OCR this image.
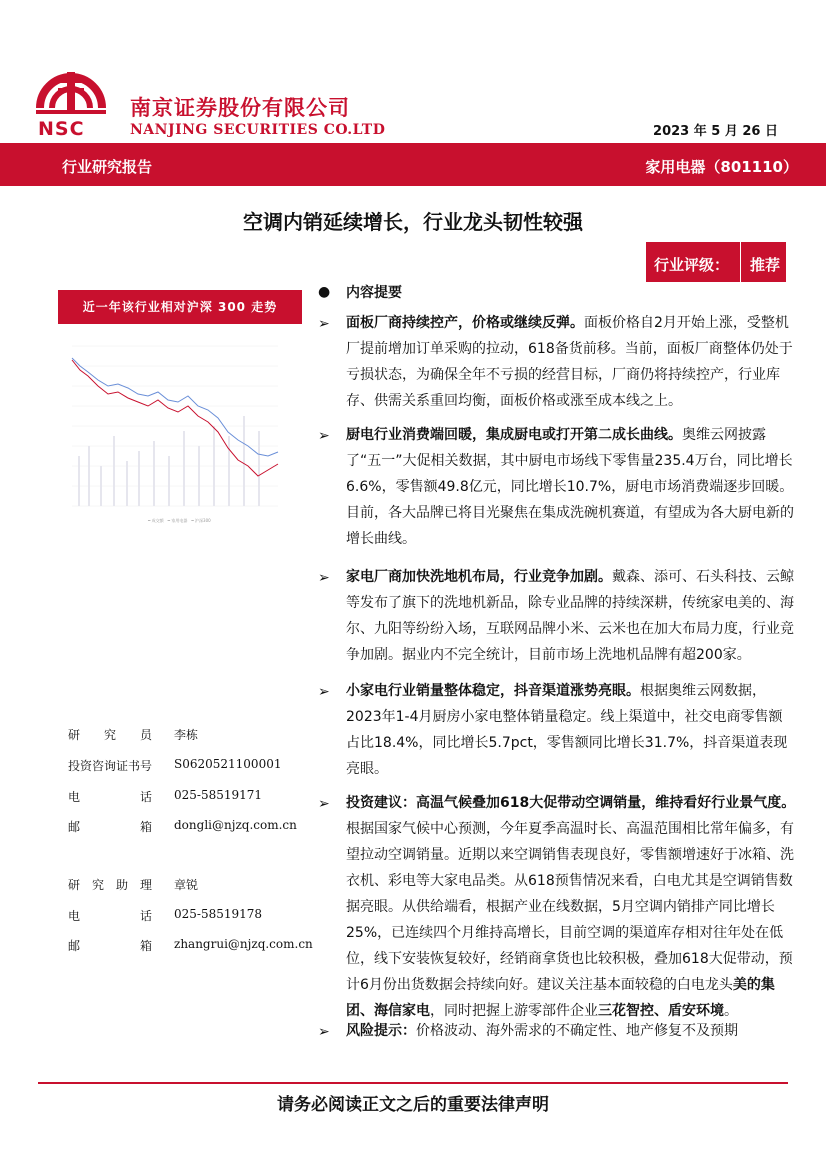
NSC
南京证券股份有限公司
NANJING SECURITIES CO.LTD	2023 年 5 月 26 日
行业研究报告	家用电器（801110）
空调内销延续增长，行业龙头韧性较强
行业评级： 推荐
近一年该行业相对沪深 300 走势
━ 成交额　━ 家用电器　━ 沪深300
研　　究　　员 李栋
投资咨询证书号 S0620521100001
电　　　　　话 025-58519171
邮　　　　　箱 dongli@njzq.com.cn
研　究　助　理 章锐
电　　　　　话 025-58519178
邮　　　　　箱 zhangrui@njzq.com.cn
● 内容提要
➢ 面板厂商持续控产，价格或继续反弹。面板价格自2月开始上涨，受整机厂提前增加订单采购的拉动，618备货前移。当前，面板厂商整体仍处于亏损状态，为确保全年不亏损的经营目标，厂商仍将持续控产，行业库存、供需关系重回均衡，面板价格或涨至成本线之上。
➢ 厨电行业消费端回暖，集成厨电或打开第二成长曲线。奥维云网披露了“五一”大促相关数据，其中厨电市场线下零售量235.4万台，同比增长6.6%，零售额49.8亿元，同比增长10.7%，厨电市场消费端逐步回暖。目前，各大品牌已将目光聚焦在集成洗碗机赛道，有望成为各大厨电新的增长曲线。
➢ 家电厂商加快洗地机布局，行业竞争加剧。戴森、添可、石头科技、云鲸等发布了旗下的洗地机新品，除专业品牌的持续深耕，传统家电美的、海尔、九阳等纷纷入场，互联网品牌小米、云米也在加大布局力度，行业竞争加剧。据业内不完全统计，目前市场上洗地机品牌有超200家。
➢ 小家电行业销量整体稳定，抖音渠道涨势亮眼。根据奥维云网数据，2023年1-4月厨房小家电整体销量稳定。线上渠道中，社交电商零售额占比18.4%，同比增长5.7pct，零售额同比增长31.7%，抖音渠道表现亮眼。
➢ 投资建议：高温气候叠加618大促带动空调销量，维持看好行业景气度。根据国家气候中心预测，今年夏季高温时长、高温范围相比常年偏多，有望拉动空调销量。近期以来空调销售表现良好，零售额增速好于冰箱、洗衣机、彩电等大家电品类。从618预售情况来看，白电尤其是空调销售数据亮眼。从供给端看，根据产业在线数据，5月空调内销排产同比增长25%，已连续四个月维持高增长，目前空调的渠道库存相对往年处在低位，线下安装恢复较好，经销商拿货也比较积极，叠加618大促带动，预计6月份出货数据会持续向好。建议关注基本面较稳的白电龙头美的集团、海信家电，同时把握上游零部件企业三花智控、盾安环境。
➢ 风险提示：价格波动、海外需求的不确定性、地产修复不及预期
请务必阅读正文之后的重要法律声明
